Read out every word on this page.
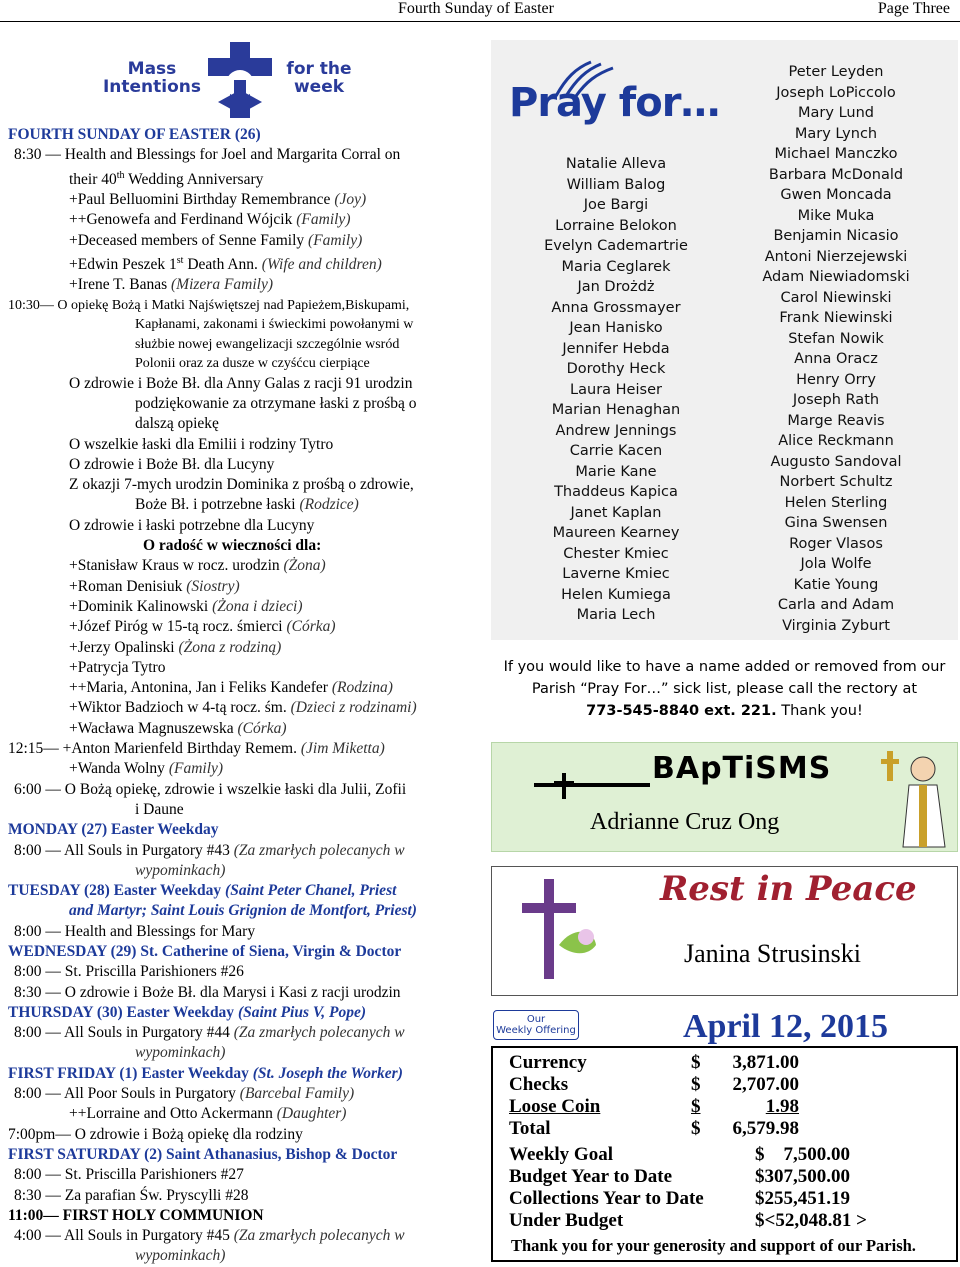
Fourth Sunday of Easter	Page Three
Mass Intentions
for the week
FOURTH SUNDAY OF EASTER (26)
8:30 — Health and Blessings for Joel and Margarita Corral on
their 40th Wedding Anniversary
+Paul Belluomini Birthday Remembrance (Joy)
++Genowefa and Ferdinand Wójcik (Family)
+Deceased members of Senne Family (Family)
+Edwin Peszek 1st Death Ann. (Wife and children)
+Irene T. Banas (Mizera Family)
10:30— O opiekę Bożą i Matki Najświętszej nad Papieżem,Biskupami,
Kapłanami, zakonami i świeckimi powołanymi w
służbie nowej ewangelizacji szczególnie wsród
Polonii oraz za dusze w czyśćcu cierpiące
O zdrowie i Boże Bł. dla Anny Galas z racji 91 urodzin
podziękowanie za otrzymane łaski z prośbą o
dalszą opiekę
O wszelkie łaski dla Emilii i rodziny Tytro
O zdrowie i Boże Bł. dla Lucyny
Z okazji 7-mych urodzin Dominika z prośbą o zdrowie,
Boże Bł. i potrzebne łaski (Rodzice)
O zdrowie i łaski potrzebne dla Lucyny
O radość w wieczności dla:
+Stanisław Kraus w rocz. urodzin (Żona)
+Roman Denisiuk (Siostry)
+Dominik Kalinowski (Żona i dzieci)
+Józef Piróg w 15-tą rocz. śmierci (Córka)
+Jerzy Opalinski (Żona z rodziną)
+Patrycja Tytro
++Maria, Antonina, Jan i Feliks Kandefer (Rodzina)
+Wiktor Badzioch w 4-tą rocz. śm. (Dzieci z rodzinami)
+Wacława Magnuszewska (Córka)
12:15— +Anton Marienfeld Birthday Remem. (Jim Miketta)
+Wanda Wolny (Family)
6:00 — O Bożą opiekę, zdrowie i wszelkie łaski dla Julii, Zofii
i Daune
MONDAY (27) Easter Weekday
8:00 — All Souls in Purgatory #43 (Za zmarłych polecanych w
wypominkach)
TUESDAY (28) Easter Weekday (Saint Peter Chanel, Priest
and Martyr; Saint Louis Grignion de Montfort, Priest)
8:00 — Health and Blessings for Mary
WEDNESDAY (29) St. Catherine of Siena, Virgin & Doctor
8:00 — St. Priscilla Parishioners #26
8:30 — O zdrowie i Boże Bł. dla Marysi i Kasi z racji urodzin
THURSDAY (30) Easter Weekday (Saint Pius V, Pope)
8:00 — All Souls in Purgatory #44 (Za zmarłych polecanych w
wypominkach)
FIRST FRIDAY (1) Easter Weekday (St. Joseph the Worker)
8:00 — All Poor Souls in Purgatory (Barcebal Family)
++Lorraine and Otto Ackermann (Daughter)
7:00pm— O zdrowie i Bożą opiekę dla rodziny
FIRST SATURDAY (2) Saint Athanasius, Bishop & Doctor
8:00 — St. Priscilla Parishioners #27
8:30 — Za parafian Św. Pryscylli #28
11:00— FIRST HOLY COMMUNION
4:00 — All Souls in Purgatory #45 (Za zmarłych polecanych w
wypominkach)
Pray for…
Natalie Alleva
William Balog
Joe Bargi
Lorraine Belokon
Evelyn Cademartrie
Maria Ceglarek
Jan Drożdż
Anna Grossmayer
Jean Hanisko
Jennifer Hebda
Dorothy Heck
Laura Heiser
Marian Henaghan
Andrew Jennings
Carrie Kacen
Marie Kane
Thaddeus Kapica
Janet Kaplan
Maureen Kearney
Chester Kmiec
Laverne Kmiec
Helen Kumiega
Maria Lech
Peter Leyden
Joseph LoPiccolo
Mary Lund
Mary Lynch
Michael Manczko
Barbara McDonald
Gwen Moncada
Mike Muka
Benjamin Nicasio
Antoni Nierzejewski
Adam Niewiadomski
Carol Niewinski
Frank Niewinski
Stefan Nowik
Anna Oracz
Henry Orry
Joseph Rath
Marge Reavis
Alice Reckmann
Augusto Sandoval
Norbert Schultz
Helen Sterling
Gina Swensen
Roger Vlasos
Jola Wolfe
Katie Young
Carla and Adam
Virginia Zyburt
If you would like to have a name added or removed from our
Parish “Pray For…” sick list, please call the rectory at
773-545-8840 ext. 221. Thank you!
BApTiSMS
Adrianne Cruz Ong
Rest in Peace
Janina Strusinski
Our
Weekly Offering	April 12, 2015
Thank you for your generosity and support of our Parish.
Currency	$	3,871.00
Checks	$	2,707.00
Loose Coin	$	1.98
Total	$	6,579.98
Weekly Goal	$    7,500.00
Budget Year to Date	$307,500.00
Collections Year to Date	$255,451.19
Under Budget	$<52,048.81 >
